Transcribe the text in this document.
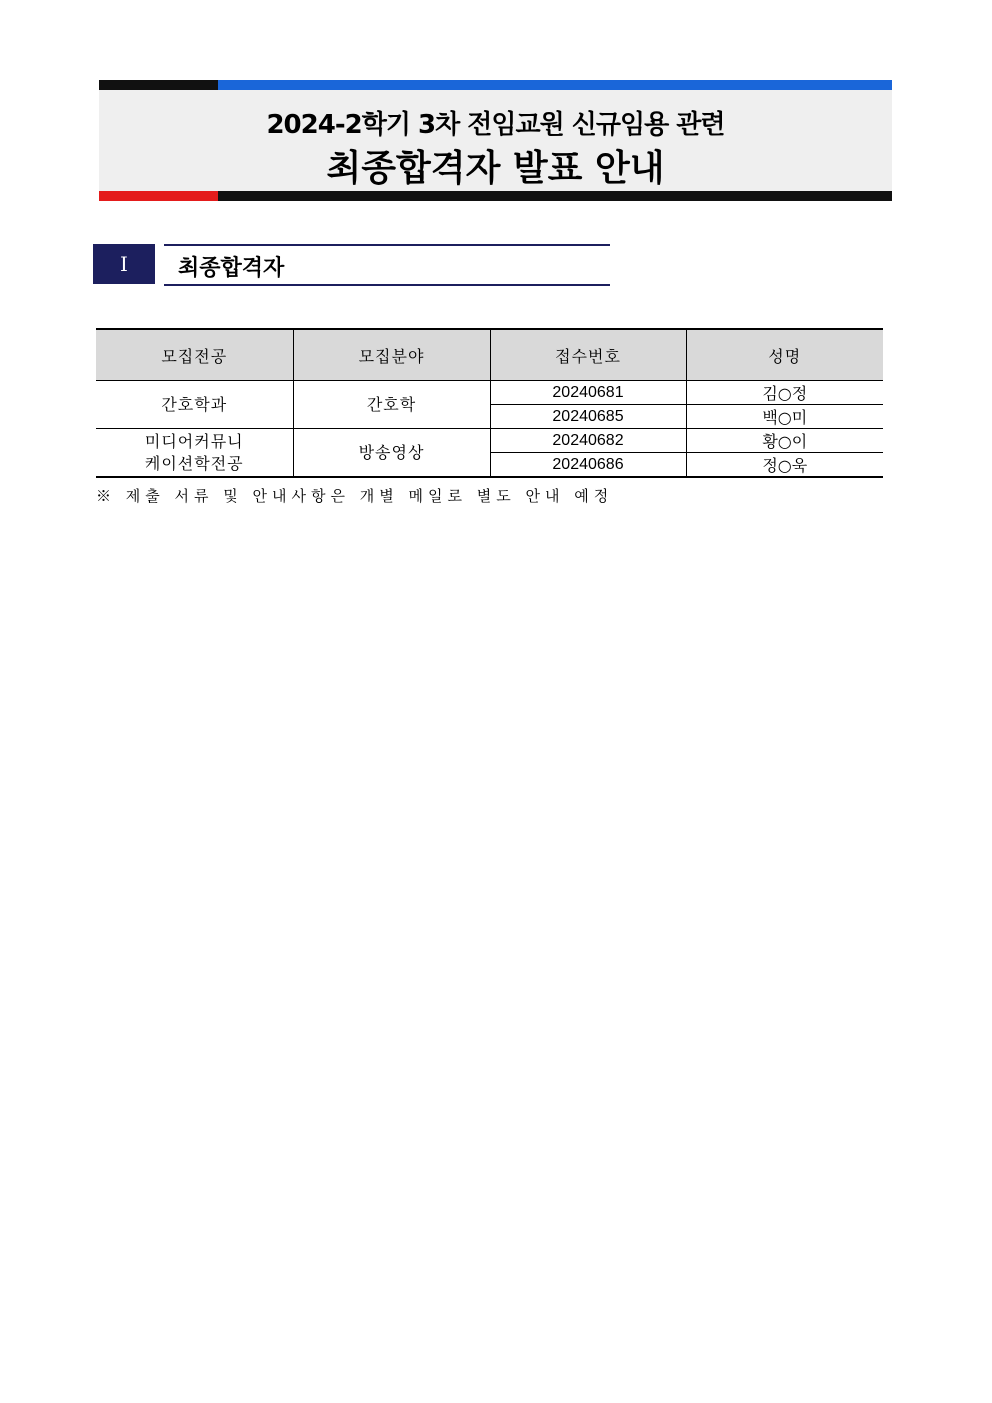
2024-2학기 3차 전임교원 신규임용 관련
최종합격자 발표 안내
I	최종합격자
모집전공	모집분야	접수번호	성명
간호학과	간호학	20240681	김○정
		20240685	백○미

미디어커뮤니
케이션학전공	방송영상	20240682	황○이
		20240686	정○욱
※ 제출 서류 및 안내사항은 개별 메일로 별도 안내 예정
